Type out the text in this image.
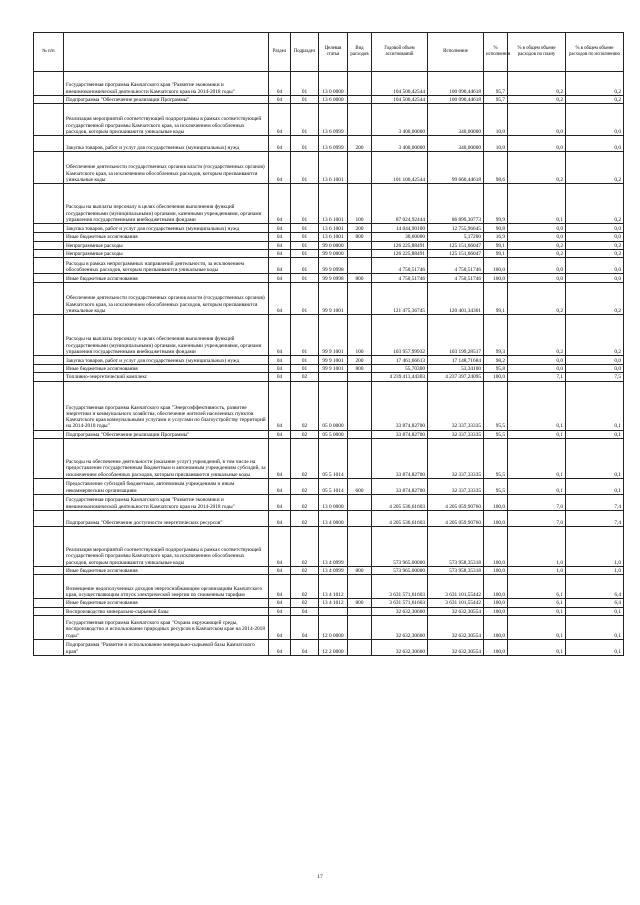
№ п/п		Раздел	Подраздел	Целевая статья	Вид расходов	Годовой объем ассигнований	Исполнение	% исполнения	% в общем объеме расходов по плану	% в общем объеме расходов по исполнению

	Государственная программа Камчатского края "Развитие экономики и внешнеэкономической деятельности Камчатского края на 2014-2018 годы"	04	01	13 0 0000		104 500,42544	100 090,44618	95,7	0,2	0,2

	Подпрограмма "Обеспечение реализации Программы"	04	01	13 6 0000		104 500,42544	100 090,44618	95,7	0,2	0,2

	Реализация мероприятий соответствующей подпрограммы в рамках соответствующей государственной программы Камчатского края, за исключением обособленных расходов, которым присваиваются уникальные коды	04	01	13 6 0999		3 400,00000	340,00000	10,0	0,0	0,0

	Закупка товаров, работ и услуг для государственных (муниципальных) нужд	04	01	13 6 0999	200	3 400,00000	340,00000	10,0	0,0	0,0

	Обеспечение деятельности государственных органов власти (государственных органов) Камчатского края, за исключением обособленных расходов, которым присваиваются уникальные коды	04	01	13 6 1001		101 100,42544	99 660,44618	98,6	0,2	0,2

	Расходы на выплаты персоналу в целях обеспечения выполнения функций государственными (муниципальными) органами, казенными учреждениями, органами управления государственными внебюджетными фондами	04	01	13 6 1001	100	87 024,92444	86 899,30773	99,9	0,1	0,2

	Закупка товаров, работ и услуг для государственных (муниципальных) нужд	04	01	13 6 1001	200	14 044,90100	12 755,96645	90,8	0,0	0,0

	Иные бюджетные ассигнования	04	01	13 6 1001	800	30,60000	5,17200	16,9	0,0	0,0

	Непрограммные расходы	04	01	99 0 0000		126 225,88491	125 151,66047	99,1	0,2	0,2

	Непрограммные расходы	04	01	99 9 0000		126 225,88491	125 151,66047	99,1	0,2	0,2

	Расходы в рамках непрограммных направлений деятельности, за исключением обособленных расходов, которым присваиваются уникальные коды	04	01	99 9 0998		4 750,51746	4 750,51746	100,0	0,0	0,0

	Иные бюджетные ассигнования	04	01	99 9 0998	800	4 750,51746	4 750,51746	100,0	0,0	0,0

	Обеспечение деятельности государственных органов власти (государственных органов) Камчатского края, за исключением обособленных расходов, которым присваиваются уникальные коды	04	01	99 9 1001		121 475,36745	120 401,34301	99,1	0,2	0,2

	Расходы на выплаты персоналу в целях обеспечения выполнения функций государственными (муниципальными) органами, казенными учреждениями, органами управления государственными внебюджетными фондами	04	01	99 9 1001	100	103 957,99932	103 199,28517	99,3	0,2	0,2

	Закупка товаров, работ и услуг для государственных (муниципальных) нужд	04	01	99 9 1001	200	17 461,66613	17 148,71684	98,2	0,0	0,0

	Иные бюджетные ассигнования	04	01	99 9 1001	800	55,70300	53,34100	95,8	0,0	0,0

	Топливно-энергетический комплекс	04	02			4 239 411,44303	4 237 397,24095	100,0	7,1	7,5

	Государственная программа Камчатского края "Энергоэффективность, развитие энергетики и коммунального хозяйства, обеспечение жителей населенных пунктов Камчатского края коммунальными услугами и услугами по благоустройству территорий на 2014-2018 годы"	04	02	05 0 0000		33 874,82700	32 337,33335	95,5	0,1	0,1

	Подпрограмма "Обеспечение реализации Программы"	04	02	05 5 0000		33 874,82700	32 337,33335	95,5	0,1	0,1

	Расходы на обеспечение деятельности (оказание услуг) учреждений, в том числе на предоставление государственным бюджетным и автономным учреждениям субсидий, за исключением обособленных расходов, которым присваиваются уникальные коды	04	02	05 5 1014		33 874,82700	32 337,33335	95,5	0,1	0,1

	Предоставление субсидий бюджетным, автономным учреждениям и иным некоммерческим организациям	04	02	05 5 1014	600	33 874,82700	32 337,33335	95,5	0,1	0,1

	Государственная программа Камчатского края "Развитие экономики и внешнеэкономической деятельности Камчатского края на 2014-2018 годы"	04	02	13 0 0000		4 205 536,61603	4 205 059,90760	100,0	7,0	7,4

	Подпрограмма "Обеспечение доступности энергетических ресурсов"	04	02	13 4 0000		4 205 536,61603	4 205 059,90760	100,0	7,0	7,4

	Реализация мероприятий соответствующей подпрограммы в рамках соответствующей государственной программы Камчатского края, за исключением обособленных расходов, которым присваиваются уникальные коды	04	02	13 4 0999		573 965,00000	573 958,35318	100,0	1,0	1,0

	Иные бюджетные ассигнования	04	02	13 4 0999	800	573 965,00000	573 958,35318	100,0	1,0	1,0

	Возмещение недополученных доходов энергоснабжающим организациям Камчатского края, осуществляющим отпуск электрической энергии по сниженным тарифам	04	02	13 4 1012		3 631 571,61603	3 631 101,55442	100,0	6,1	6,4

	Иные бюджетные ассигнования	04	02	13 4 1012	800	3 631 571,61603	3 631 101,55442	100,0	6,1	6,4

	Воспроизводство минерально-сырьевой базы	04	04			32 632,30600	32 632,30554	100,0	0,1	0,1

	Государственная программа Камчатского края "Охрана окружающей среды, воспроизводство и использование природных ресурсов в Камчатском крае на 2014-2018 годы"	04	04	12 0 0000		32 632,30600	32 632,30554	100,0	0,1	0,1

	Подпрограмма "Развитие и использование минерально-сырьевой базы Камчатского края"	04	04	12 2 0000		32 632,30600	32 632,30554	100,0	0,1	0,1
17
